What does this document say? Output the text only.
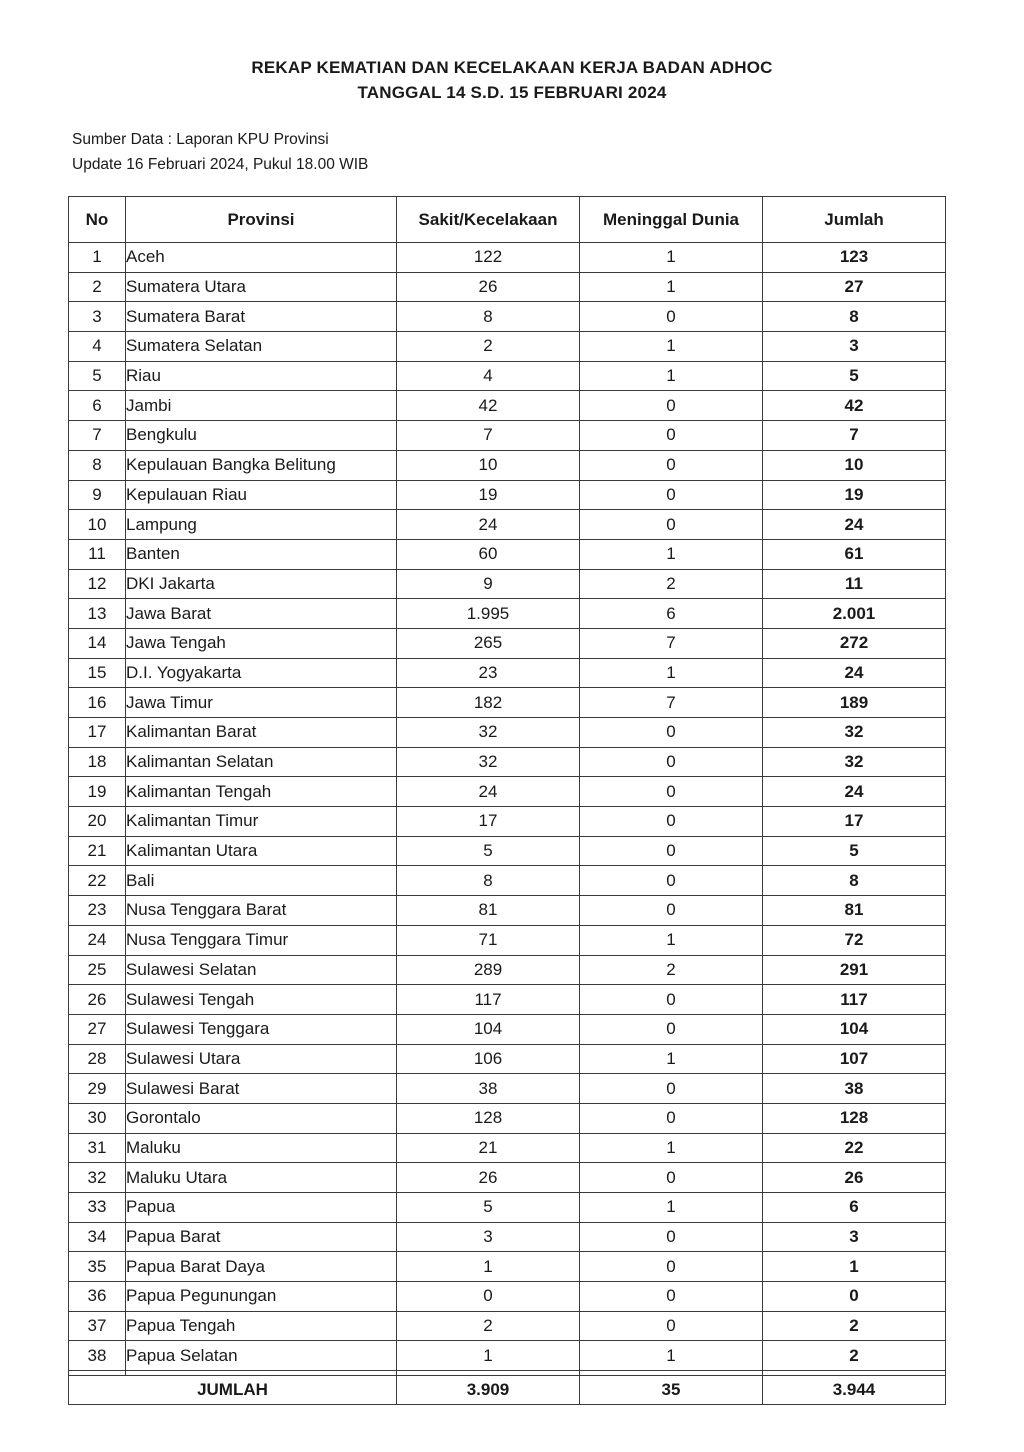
REKAP KEMATIAN DAN KECELAKAAN KERJA BADAN ADHOC
TANGGAL 14 S.D. 15 FEBRUARI 2024
Sumber Data : Laporan KPU Provinsi
Update 16 Februari 2024, Pukul 18.00 WIB
No	Provinsi	Sakit/Kecelakaan	Meninggal Dunia	Jumlah
1	Aceh	122	1	123
2	Sumatera Utara	26	1	27
3	Sumatera Barat	8	0	8
4	Sumatera Selatan	2	1	3
5	Riau	4	1	5
6	Jambi	42	0	42
7	Bengkulu	7	0	7
8	Kepulauan Bangka Belitung	10	0	10
9	Kepulauan Riau	19	0	19
10	Lampung	24	0	24
11	Banten	60	1	61
12	DKI Jakarta	9	2	11
13	Jawa Barat	1.995	6	2.001
14	Jawa Tengah	265	7	272
15	D.I. Yogyakarta	23	1	24
16	Jawa Timur	182	7	189
17	Kalimantan Barat	32	0	32
18	Kalimantan Selatan	32	0	32
19	Kalimantan Tengah	24	0	24
20	Kalimantan Timur	17	0	17
21	Kalimantan Utara	5	0	5
22	Bali	8	0	8
23	Nusa Tenggara Barat	81	0	81
24	Nusa Tenggara Timur	71	1	72
25	Sulawesi Selatan	289	2	291
26	Sulawesi Tengah	117	0	117
27	Sulawesi Tenggara	104	0	104
28	Sulawesi Utara	106	1	107
29	Sulawesi Barat	38	0	38
30	Gorontalo	128	0	128
31	Maluku	21	1	22
32	Maluku Utara	26	0	26
33	Papua	5	1	6
34	Papua Barat	3	0	3
35	Papua Barat Daya	1	0	1
36	Papua Pegunungan	0	0	0
37	Papua Tengah	2	0	2
38	Papua Selatan	1	1	2

JUMLAH		3.909	35	3.944
